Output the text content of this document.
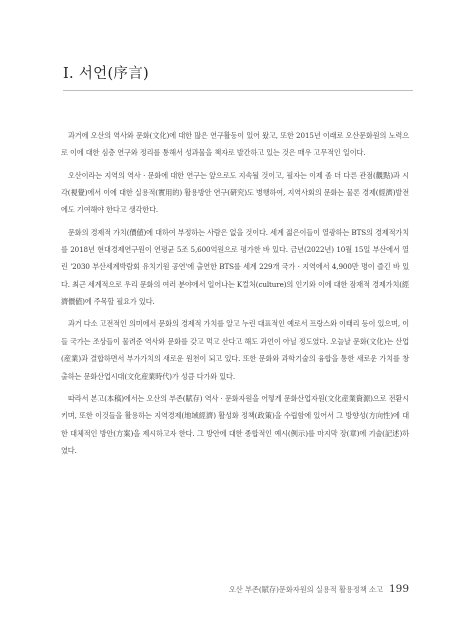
Ⅰ. 서언(序言)

과거에 오산의 역사와 문화(文化)에 대한 많은 연구활동이 있어 왔고, 또한 2015년 이래로 오산문화원의 노력으로 이에 대한 심층 연구와 정리를 통해서 성과물을 책자로 발간하고 있는 것은 매우 고무적인 일이다.

오산이라는 지역의 역사 · 문화에 대한 연구는 앞으로도 지속될 것이고, 필자는 이제 좀 더 다른 관점(觀點)과 시각(視覺)에서 이에 대한 실용적(實用的) 활용방안 연구(硏究)도 병행하여, 지역사회의 문화는 물론 경제(經濟)발전에도 기여해야 한다고 생각한다.

문화의 경제적 가치(價値)에 대하여 부정하는 사람은 없을 것이다. 세계 젊은이들이 열광하는 BTS의 경제적가치를 2018년 현대경제연구원이 연평균 5조 5,600억원으로 평가한 바 있다. 금년(2022년) 10월 15일 부산에서 열린 '2030 부산세계박람회 유치기원 공연'에 출연한 BTS를 세계 229개 국가 · 지역에서 4,900만 명이 즐긴 바 있다. 최근 세계적으로 우리 문화의 여러 분야에서 일어나는 K컬처(culture)의 인기와 이에 대한 잠재적 경제가치(經濟價値)에 주목할 필요가 있다.

과거 다소 고전적인 의미에서 문화의 경제적 가치를 알고 누린 대표적인 예로서 프랑스와 이태리 등이 있으며, 이들 국가는 조상들이 물려준 역사와 문화를 갖고 먹고 산다고 해도 과언이 아닐 정도였다. 오늘날 문화(文化)는 산업(産業)과 결합하면서 부가가치의 새로운 원천이 되고 있다. 또한 문화와 과학기술의 융합을 통한 새로운 가치를 창출하는 문화산업시대(文化産業時代)가 성큼 다가와 있다.

따라서 본고(本稿)에서는 오산의 부존(賦存) 역사 · 문화자원을 어떻게 문화산업자원(文化産業資源)으로 전환시키며, 또한 이것들을 활용하는 지역경제(地域經濟) 활성화 정책(政策)을 수립함에 있어서 그 방향성(方向性)에 대한 대체적인 방안(方案)을 제시하고자 한다. 그 방안에 대한 종합적인 예시(例示)를 마지막 장(章)에 기술(記述)하였다.

오산 부존(賦存)문화자원의 실용적 활용정책 소고 199
